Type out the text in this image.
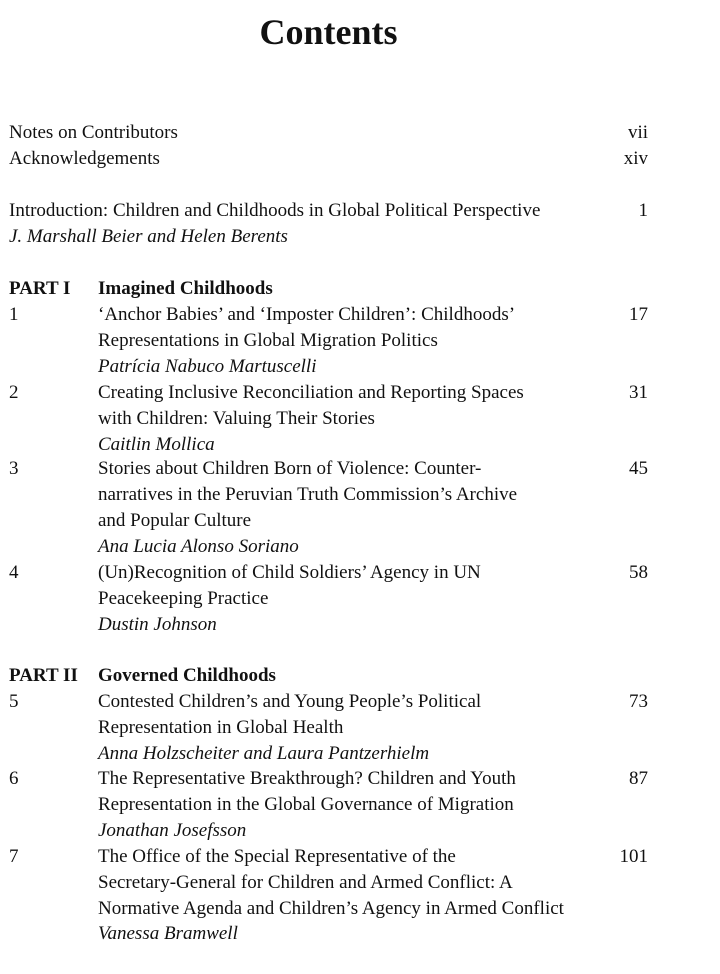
Contents
Notes on Contributors	vii
Acknowledgements	xiv
Introduction: Children and Childhoods in Global Political Perspective	1
J. Marshall Beier and Helen Berents
PART I Imagined Childhoods
1	‘Anchor Babies’ and ‘Imposter Children’: Childhoods’	17
Representations in Global Migration Politics
Patrícia Nabuco Martuscelli
2	Creating Inclusive Reconciliation and Reporting Spaces	31
with Children: Valuing Their Stories
Caitlin Mollica
3	Stories about Children Born of Violence: Counter-	45
narratives in the Peruvian Truth Commission’s Archive
and Popular Culture
Ana Lucia Alonso Soriano
4	(Un)Recognition of Child Soldiers’ Agency in UN	58
Peacekeeping Practice
Dustin Johnson
PART II Governed Childhoods
5	Contested Children’s and Young People’s Political	73
Representation in Global Health
Anna Holzscheiter and Laura Pantzerhielm
6	The Representative Breakthrough? Children and Youth	87
Representation in the Global Governance of Migration
Jonathan Josefsson
7	The Office of the Special Representative of the	101
Secretary-General for Children and Armed Conflict: A
Normative Agenda and Children’s Agency in Armed Conflict
Vanessa Bramwell
